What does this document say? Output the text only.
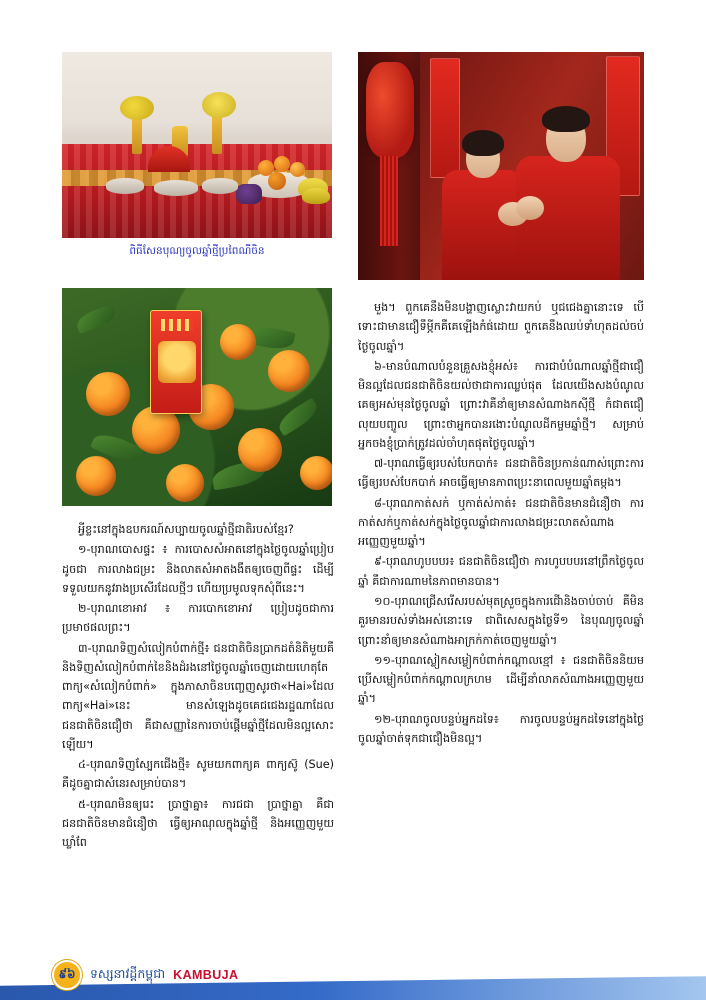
ពិធីសែនបុណ្យចូលឆ្នាំថ្មីប្រពៃណីចិន

អ្វីខ្លះនៅក្នុងឧបករណ៍សប្បាយចូលឆ្នាំថ្មីជាតិរបស់ខ្មែរ?

១-បុរាណបោសផ្ទះ ៖ ការបោសសំអាតនៅក្នុងថ្ងៃចូលឆ្នាំប្រៀបដូចជា ការលាងជម្រះ និងលាតសំអាតងងឹតឲ្យចេញពីផ្ទះ ដើម្បីទទួលយកនូវរាងប្រសើរដែលថ្មីៗ ហើយប្រមូលទុកសុំពីនេះ។

២-បុរាណខោអាវ ៖ ការបោកខោអាវ ប្រៀបដូចជាការប្រមាថផលព្រះ។

៣-បុរាណទិញសំលៀកបំពាក់ថ្មី៖ ជនជាតិចិនប្រាកដតំនិតិមួយគឺនិងទិញសំលៀកបំពាក់ខៃនិងដំរងនៅថ្ងៃចូលឆ្នាំចេញដោយហេតុតែពាក្យ«សំលៀកបំពាក់» ក្នុងភាសាចិនបញ្ចេញសូរថា«Hai»ដែលពាក្យ«Hai»នេះ មានសំឡេងដូចគេជជេងរដ្ឋណាដែលជនជាតិចិនជឿថា គឺជាសញ្ញានៃការចាប់ផ្ដើមឆ្នាំថ្មីដែលមិនល្អសោះឡើយ។

៤-បុរាណទិញស្បែកជើងថ្មី៖ សូមយកពាក្យគ ពាក្យស៊ូ (Sue) គឺដូចគ្នាជាសំនេរសម្រាប់បាន។

៥-បុរាណមិនឲ្យរេះ ប្រាថ្នាគ្នា៖ ការជជា ប្រាថ្នាគ្នា គឺជាជនជាតិចិនមានជំនឿថា ធ្វើឲ្យអាណុលក្នុងឆ្នាំថ្មី និងអញ្ញេញមួយឃ្លាំពែ

មួង។ ពួកគេនឹងមិនបង្ហាញស្លោះវាយកប់ ឬជជេងគ្នានោះទេ បើទោះជាមានជឿទឹម្ភីកគឺគេឡើងកំផ់ដោយ ពួកគេនឹងឈប់ទាំហុតដល់ចប់ថ្ងៃចូលឆ្នាំ។

៦-មានបំណាលបំនួនគ្រួសងខ្ញុំអស់៖ ការជាបំបំណាលឆ្នាំថ្មីជាជឿមិនល្អដែលជនជាតិចិនយល់ថាជាការឈ្លប់ផុត ដែលយើងសងបំណូលគេឲ្យអស់មុនថ្ងៃចូលឆ្នាំ ព្រោះវាគឺនាំឲ្យមានសំណាងកស៊ីថ្មី កំជាតជឿ លុយបញ្ចូល ព្រោះថាអ្នកបានរងោះបំណូលដីកម្ចមឆ្នាំថ្មី។ សម្រាប់អ្នកចងខ្ញុំប្រាក់ត្រូវដល់ចាំហុតផុតថ្ងៃចូលឆ្នាំ។

៧-បុរាណធ្វើឲ្យរបស់បែកបាក់៖ ជនជាតិចិនប្រកាន់ណាស់ព្រោះការធ្វើឲ្យរបស់បែកបាក់ អាចធ្វើឲ្យមានភាពប្រេះនាពេលមួយឆ្នាំតម្កង។

៨-បុរាណកាត់សក់ ឬកាត់ស់កាត់៖ ជនជាតិចិនមានជំនឿថា ការកាត់សក់ឬកាត់សក់ក្នុងថ្ងៃចូលឆ្នាំជាការលាងជម្រះលាតសំណាងអញ្ញេញមួយឆ្នាំ។

៩-បុរាណហូបបបរ៖ ជនជាតិចិនជឿថា ការហូបបបរនៅព្រឹកថ្ងៃចូលឆ្នាំ គឺជាការណាមនៃភាពមានបាន។

១០-បុរាណជ្រើសរើសរបស់មុតស្រួចក្នុងការជើានិងចាប់ចាប់ គឺមិនគួរមានរបស់ទាំងអស់នោះទេ ជាពិសេសក្នុងថ្ងៃទី១ នៃបុណ្យចូលឆ្នាំ ព្រោះនាំឲ្យមានសំណាងអាក្រក់កាត់ចេញមួយឆ្នាំ។

១១-បុរាណស្លៀកសម្លៀកបំពាក់កណ្ដាលខ្មៅ ៖ ជនជាតិចិននិយមប្រើសម្លៀកបំពាក់កណ្ដាលក្រហម ដើម្បីនាំលាភសំណាងអញ្ញេញមួយឆ្នាំ។

១២-បុរាណចូលបន្ទប់អ្នកដទៃ៖ ការចូលបន្ទប់អ្នកដទៃនៅក្នុងថ្ងៃចូលឆ្នាំចាត់ទុកជាជឿងមិនល្អ។

៩៦	ទស្សនាវដ្ដីកម្ពុជា KAMBUJA
